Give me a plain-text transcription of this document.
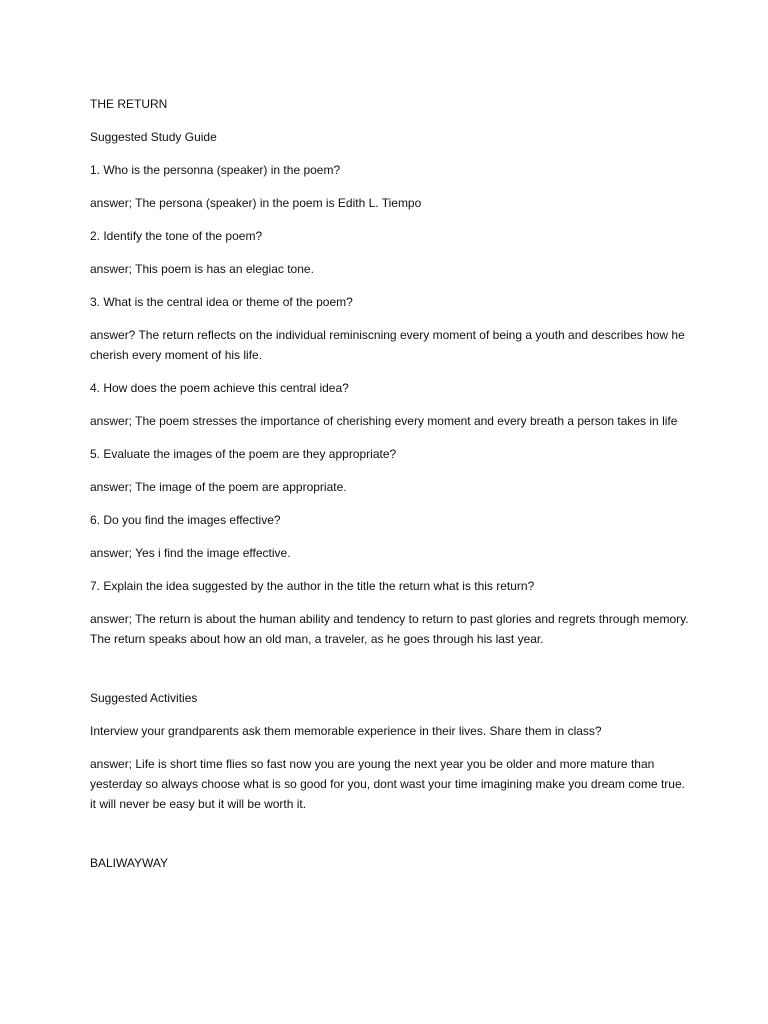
THE RETURN

Suggested Study Guide

1. Who is the personna (speaker) in the poem?

answer; The persona (speaker) in the poem is Edith L. Tiempo

2. Identify the tone of the poem?

answer; This poem is has an elegiac tone.

3. What is the central idea or theme of the poem?

answer? The return reflects on the individual reminiscning every moment of being a youth and describes how he cherish every moment of his life.

4. How does the poem achieve this central idea?

answer; The poem stresses the importance of cherishing every moment and every breath a person takes in life

5. Evaluate the images of the poem are they appropriate?

answer; The image of the poem are appropriate.

6. Do you find the images effective?

answer; Yes i find the image effective.

7. Explain the idea suggested by the author in the title the return what is this return?

answer; The return is about the human ability and tendency to return to past glories and regrets through memory. The return speaks about how an old man, a traveler, as he goes through his last year.

Suggested Activities

Interview your grandparents ask them memorable experience in their lives. Share them in class?

answer; Life is short time flies so fast now you are young the next year you be older and more mature than yesterday so always choose what is so good for you, dont wast your time imagining make you dream come true. it will never be easy but it will be worth it.

BALIWAYWAY
